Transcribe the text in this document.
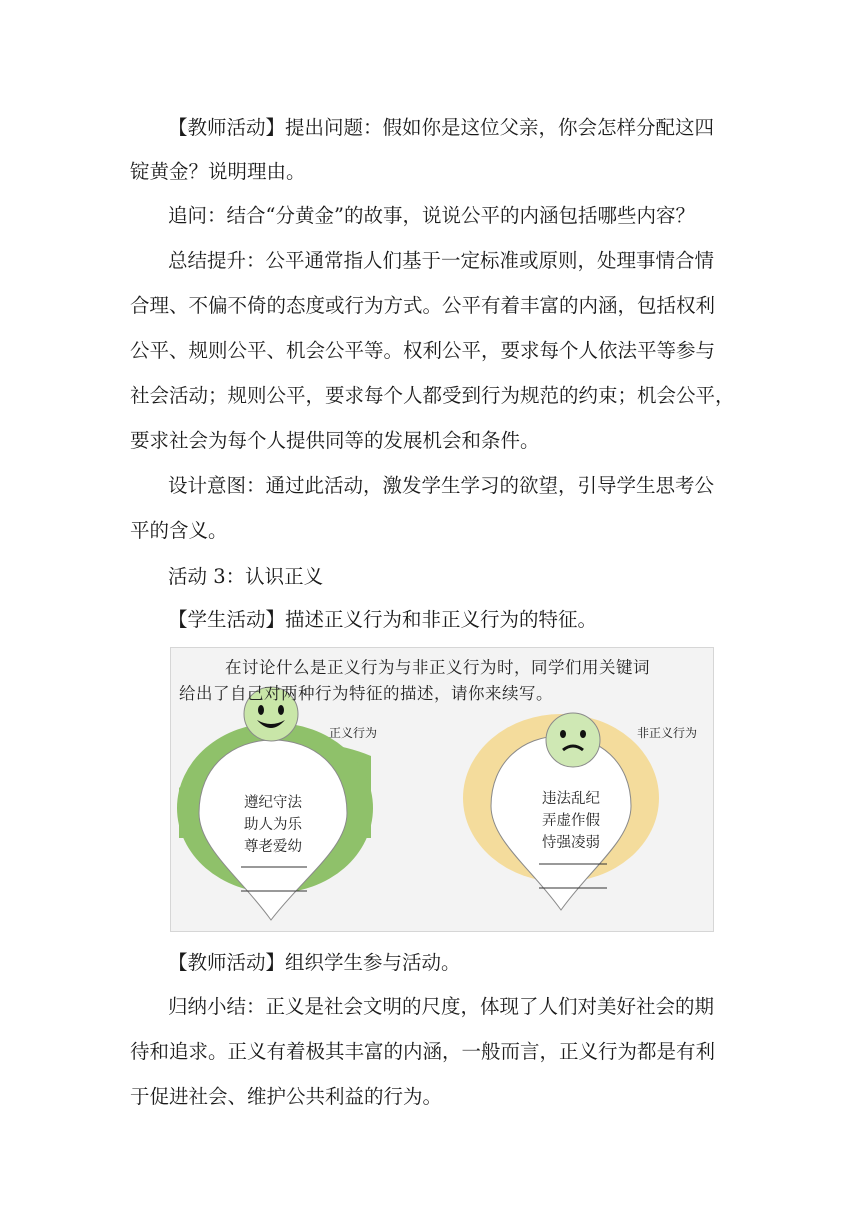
【教师活动】提出问题：假如你是这位父亲，你会怎样分配这四
锭黄金？说明理由。
追问：结合“分黄金”的故事，说说公平的内涵包括哪些内容？
总结提升：公平通常指人们基于一定标准或原则，处理事情合情
合理、不偏不倚的态度或行为方式。公平有着丰富的内涵，包括权利
公平、规则公平、机会公平等。权利公平，要求每个人依法平等参与
社会活动；规则公平，要求每个人都受到行为规范的约束；机会公平，
要求社会为每个人提供同等的发展机会和条件。
设计意图：通过此活动，激发学生学习的欲望，引导学生思考公
平的含义。
活动 3：认识正义
【学生活动】描述正义行为和非正义行为的特征。
在讨论什么是正义行为与非正义行为时，同学们用关键词
给出了自己对两种行为特征的描述，请你来续写。
正义行为	非正义行为
遵纪守法
助人为乐
尊老爱幼
违法乱纪
弄虚作假
恃强凌弱
【教师活动】组织学生参与活动。
归纳小结：正义是社会文明的尺度，体现了人们对美好社会的期
待和追求。正义有着极其丰富的内涵，一般而言，正义行为都是有利
于促进社会、维护公共利益的行为。
